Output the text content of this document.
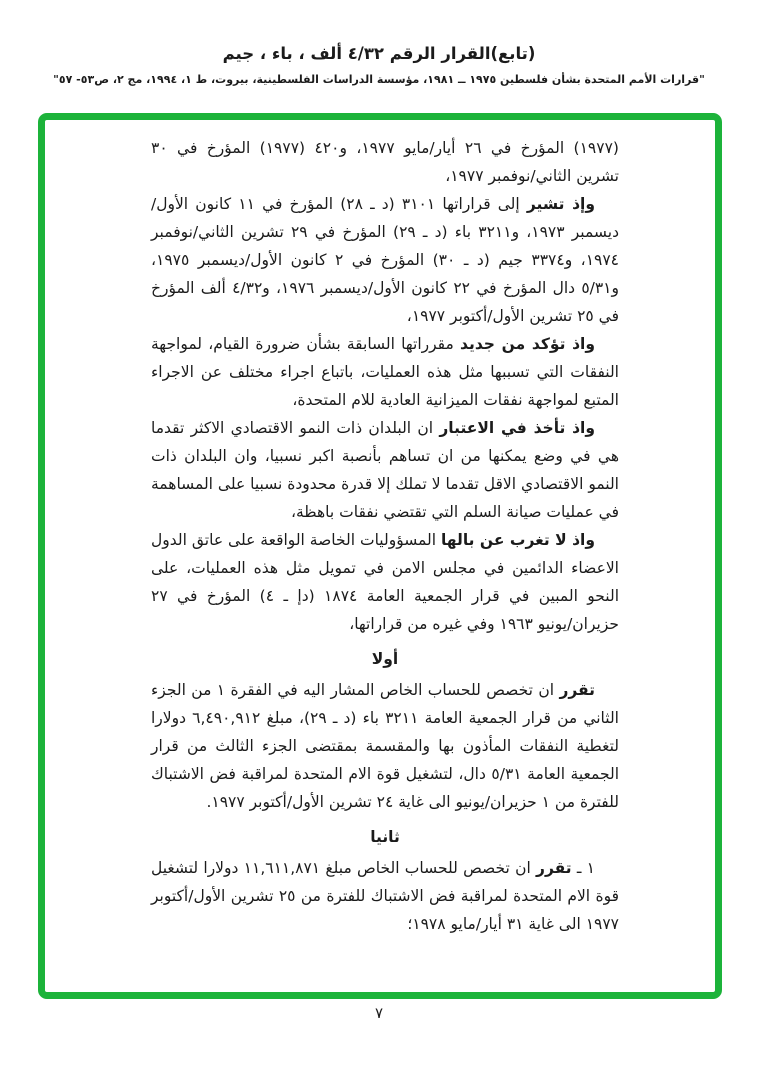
(تابع)القرار الرقم ٤/٣٢ ألف ، باء ، جيم
"قرارات الأمم المتحدة بشأن فلسطين ١٩٧٥ ــ ١٩٨١، مؤسسة الدراسات الفلسطينية، بيروت، ط ١، ١٩٩٤، مج ٢، ص٥٣- ٥٧"

(١٩٧٧) المؤرخ في ٢٦ أيار/مايو ١٩٧٧، و٤٢٠ (١٩٧٧) المؤرخ في ٣٠ تشرين الثاني/نوفمبر ١٩٧٧،

وإذ تشير إلى قراراتها ٣١٠١ (د ـ ٢٨) المؤرخ في ١١ كانون الأول/ديسمبر ١٩٧٣، و٣٢١١ باء (د ـ ٢٩) المؤرخ في ٢٩ تشرين الثاني/نوفمبر ١٩٧٤، و٣٣٧٤ جيم (د ـ ٣٠) المؤرخ في ٢ كانون الأول/ديسمبر ١٩٧٥، و٥/٣١ دال المؤرخ في ٢٢ كانون الأول/ديسمبر ١٩٧٦، و٤/٣٢ ألف المؤرخ في ٢٥ تشرين الأول/أكتوبر ١٩٧٧،

واذ تؤكد من جديد مقرراتها السابقة بشأن ضرورة القيام، لمواجهة النفقات التي تسببها مثل هذه العمليات، باتباع اجراء مختلف عن الاجراء المتبع لمواجهة نفقات الميزانية العادية للام المتحدة،

واذ تأخذ في الاعتبار ان البلدان ذات النمو الاقتصادي الاكثر تقدما هي في وضع يمكنها من ان تساهم بأنصبة اكبر نسبيا، وان البلدان ذات النمو الاقتصادي الاقل تقدما لا تملك إلا قدرة محدودة نسبيا على المساهمة في عمليات صيانة السلم التي تقتضي نفقات باهظة،

واذ لا تغرب عن بالها المسؤوليات الخاصة الواقعة على عاتق الدول الاعضاء الدائمين في مجلس الامن في تمويل مثل هذه العمليات، على النحو المبين في قرار الجمعية العامة ١٨٧٤ (دإ ـ ٤) المؤرخ في ٢٧ حزيران/يونيو ١٩٦٣ وفي غيره من قراراتها،

أولا

تقرر ان تخصص للحساب الخاص المشار اليه في الفقرة ١ من الجزء الثاني من قرار الجمعية العامة ٣٢١١ باء (د ـ ٢٩)، مبلغ ٦,٤٩٠,٩١٢ دولارا لتغطية النفقات المأذون بها والمقسمة بمقتضى الجزء الثالث من قرار الجمعية العامة ٥/٣١ دال، لتشغيل قوة الام المتحدة لمراقبة فض الاشتباك للفترة من ١ حزيران/يونيو الى غاية ٢٤ تشرين الأول/أكتوبر ١٩٧٧.

ثانيا

١ ـ تقرر ان تخصص للحساب الخاص مبلغ ١١,٦١١,٨٧١ دولارا لتشغيل قوة الام المتحدة لمراقبة فض الاشتباك للفترة من ٢٥ تشرين الأول/أكتوبر ١٩٧٧ الى غاية ٣١ أيار/مايو ١٩٧٨؛

٧
